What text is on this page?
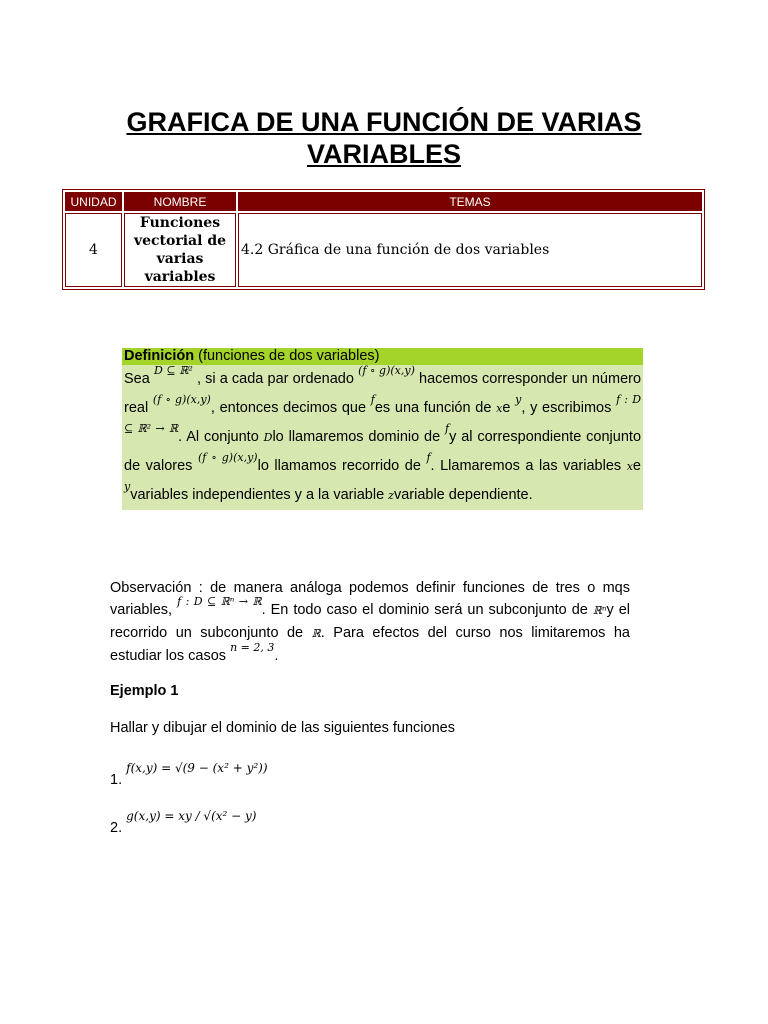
GRAFICA DE UNA FUNCIÓN DE VARIAS
VARIABLES
UNIDAD	NOMBRE	TEMAS
4	Funciones vectorial de varias variables	4.2 Gráfica de una función de dos variables
Definición (funciones de dos variables)
Sea $^{D ⊆ ℝ^2}$ , si a cada par ordenado $^{(f \circ g)(x,y)}$ hacemos corresponder un número real $^{(f \circ g)(x,y)}$, entonces decimos que $^f$es una función de xe $^y$, y escribimos $^{f : D ⊆ ℝ^2 \to ℝ}$. Al conjunto Dlo llamaremos dominio de $^f$y al correspondiente conjunto de valores $^{(f \circ g)(x,y)}$lo llamamos recorrido de $^f$. Llamaremos a las variables xe $^y$variables independientes y a la variable zvariable dependiente.
Observación : de manera análoga podemos definir funciones de tres o mqs variables, $^{f : D ⊆ ℝ^n \to ℝ}$. En todo caso el dominio será un subconjunto de ℝⁿy el recorrido un subconjunto de ℝ. Para efectos del curso nos limitaremos ha estudiar los casos $^{n = 2, 3}$.
Ejemplo 1
Hallar y dibujar el dominio de las siguientes funciones
1. $^{f(x,y) = √(9 - (x^2 + y^2))}$
2. $^{g(x,y) = xy / √(x^2 - y)}$
